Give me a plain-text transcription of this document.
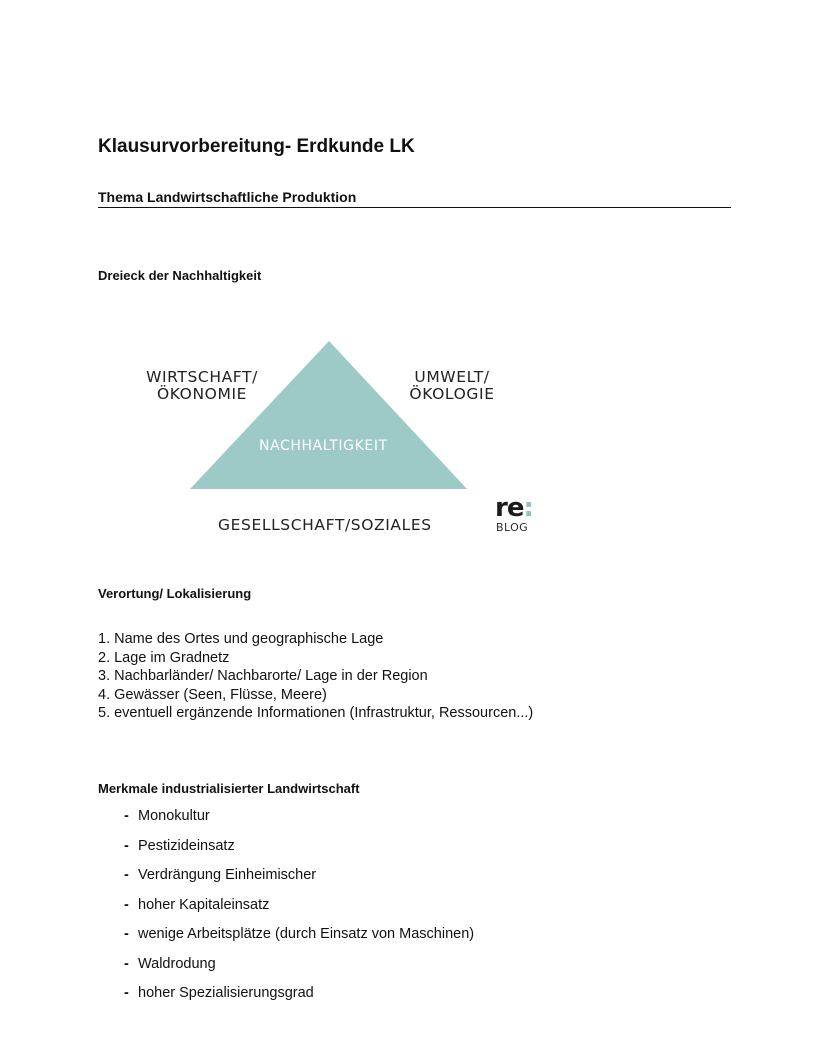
Klausurvorbereitung- Erdkunde LK
Thema Landwirtschaftliche Produktion
Dreieck der Nachhaltigkeit
WIRTSCHAFT/
ÖKONOMIE
UMWELT/
ÖKOLOGIE
NACHHALTIGKEIT
GESELLSCHAFT/SOZIALES
re:
BLOG
Verortung/ Lokalisierung
1. Name des Ortes und geographische Lage
2. Lage im Gradnetz
3. Nachbarländer/ Nachbarorte/ Lage in der Region
4. Gewässer (Seen, Flüsse, Meere)
5. eventuell ergänzende Informationen (Infrastruktur, Ressourcen...)
Merkmale industrialisierter Landwirtschaft
- Monokultur
- Pestizideinsatz
- Verdrängung Einheimischer
- hoher Kapitaleinsatz
- wenige Arbeitsplätze (durch Einsatz von Maschinen)
- Waldrodung
- hoher Spezialisierungsgrad
